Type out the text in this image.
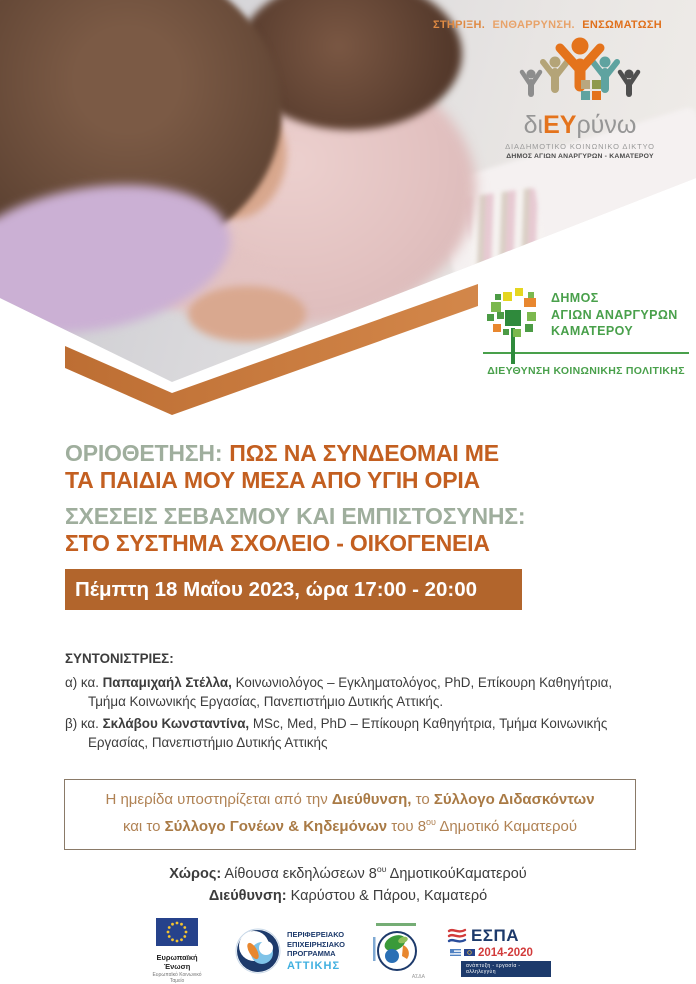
ΣΤΗΡΙΞΗ. ΕΝΘΑΡΡΥΝΣΗ. ΕΝΣΩΜΑΤΩΣΗ
διΕΥρύνω
ΔΙΑΔΗΜΟΤΙΚΟ ΚΟΙΝΩΝΙΚΟ ΔΙΚΤΥΟ
ΔΗΜΟΣ ΑΓΙΩΝ ΑΝΑΡΓΥΡΩΝ - ΚΑΜΑΤΕΡΟΥ
ΔΗΜΟΣ
ΑΓΙΩΝ ΑΝΑΡΓΥΡΩΝ
ΚΑΜΑΤΕΡΟΥ
ΔΙΕΥΘΥΝΣΗ ΚΟΙΝΩΝΙΚΗΣ ΠΟΛΙΤΙΚΗΣ
ΟΡΙΟΘΕΤΗΣΗ: ΠΩΣ ΝΑ ΣΥΝΔΕΟΜΑΙ ΜΕ
ΤΑ ΠΑΙΔΙΑ ΜΟΥ ΜΕΣΑ ΑΠΟ ΥΓΙΗ ΟΡΙΑ
ΣΧΕΣΕΙΣ ΣΕΒΑΣΜΟΥ ΚΑΙ ΕΜΠΙΣΤΟΣΥΝΗΣ:
ΣΤΟ ΣΥΣΤΗΜΑ ΣΧΟΛΕΙΟ - ΟΙΚΟΓΕΝΕΙΑ
Πέμπτη 18 Μαΐου 2023, ώρα 17:00 - 20:00
ΣΥΝΤΟΝΙΣΤΡΙΕΣ:
α) κα. Παπαμιχαήλ Στέλλα, Κοινωνιολόγος – Εγκληματολόγος, PhD, Επίκουρη Καθηγήτρια, Τμήμα Κοινωνικής Εργασίας, Πανεπιστήμιο Δυτικής Αττικής.
β) κα. Σκλάβου Κωνσταντίνα, MSc, Med, PhD – Επίκουρη Καθηγήτρια, Τμήμα Κοινωνικής Εργασίας, Πανεπιστήμιο Δυτικής Αττικής
Η ημερίδα υποστηρίζεται από την Διεύθυνση, το Σύλλογο Διδασκόντων
και το Σύλλογο Γονέων & Κηδεμόνων του $8^{o\upsilon}$ Δημοτικό Καματερού
Χώρος: Αίθουσα εκδηλώσεων $8^{o\upsilon}$ ΔημοτικούΚαματερού
Διεύθυνση: Καρύστου & Πάρου, Καματερό
Ευρωπαϊκή Ένωση
Ευρωπαϊκό Κοινωνικό Ταμείο
ΠΕΡΙΦΕΡΕΙΑΚΟ
ΕΠΙΧΕΙΡΗΣΙΑΚΟ
ΠΡΟΓΡΑΜΜΑ
ΑΤΤΙΚΗΣ
ΑΣΔΑ
ΕΣΠΑ
2014-2020
ανάπτυξη - εργασία - αλληλεγγύη
